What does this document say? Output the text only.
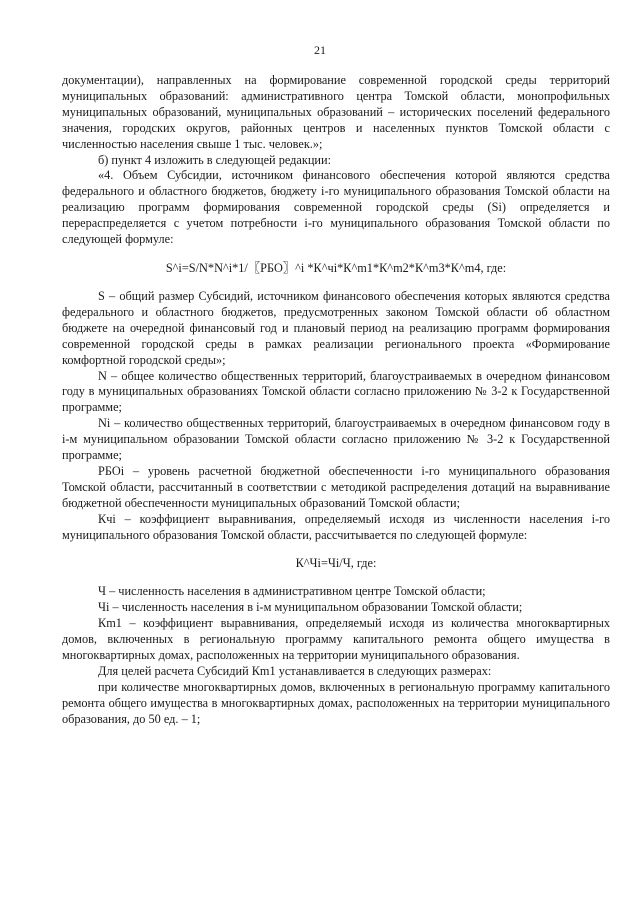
21

документации), направленных на формирование современной городской среды территорий муниципальных образований: административного центра Томской области, монопрофильных муниципальных образований, муниципальных образований – исторических поселений федерального значения, городских округов, районных центров и населенных пунктов Томской области с численностью населения свыше 1 тыс. человек.»;

б) пункт 4 изложить в следующей редакции:

«4. Объем Субсидии, источником финансового обеспечения которой являются средства федерального и областного бюджетов, бюджету i-го муниципального образования Томской области на реализацию программ формирования современной городской среды (Si) определяется и перераспределяется с учетом потребности i-го муниципального образования Томской области по следующей формуле:

S^i=S/N*N^i*1/〖РБО〗^i *К^чi*К^m1*К^m2*К^m3*К^m4, где:

S – общий размер Субсидий, источником финансового обеспечения которых являются средства федерального и областного бюджетов, предусмотренных законом Томской области об областном бюджете на очередной финансовый год и плановый период на реализацию программ формирования современной городской среды в рамках реализации регионального проекта «Формирование комфортной городской среды»;

N – общее количество общественных территорий, благоустраиваемых в очередном финансовом году в муниципальных образованиях Томской области согласно приложению № 3-2 к Государственной программе;

Ni – количество общественных территорий, благоустраиваемых в очередном финансовом году в i-м муниципальном образовании Томской области согласно приложению № 3-2 к Государственной программе;

РБОi – уровень расчетной бюджетной обеспеченности i-го муниципального образования Томской области, рассчитанный в соответствии с методикой распределения дотаций на выравнивание бюджетной обеспеченности муниципальных образований Томской области;

Кчi – коэффициент выравнивания, определяемый исходя из численности населения i-го муниципального образования Томской области, рассчитывается по следующей формуле:

К^Чi=Чi/Ч, где:

Ч – численность населения в административном центре Томской области;

Чi – численность населения в i-м муниципальном образовании Томской области;

Кm1 – коэффициент выравнивания, определяемый исходя из количества многоквартирных домов, включенных в региональную программу капитального ремонта общего имущества в многоквартирных домах, расположенных на территории муниципального образования.

Для целей расчета Субсидий Кm1 устанавливается в следующих размерах:

при количестве многоквартирных домов, включенных в региональную программу капитального ремонта общего имущества в многоквартирных домах, расположенных на территории муниципального образования, до 50 ед. – 1;
